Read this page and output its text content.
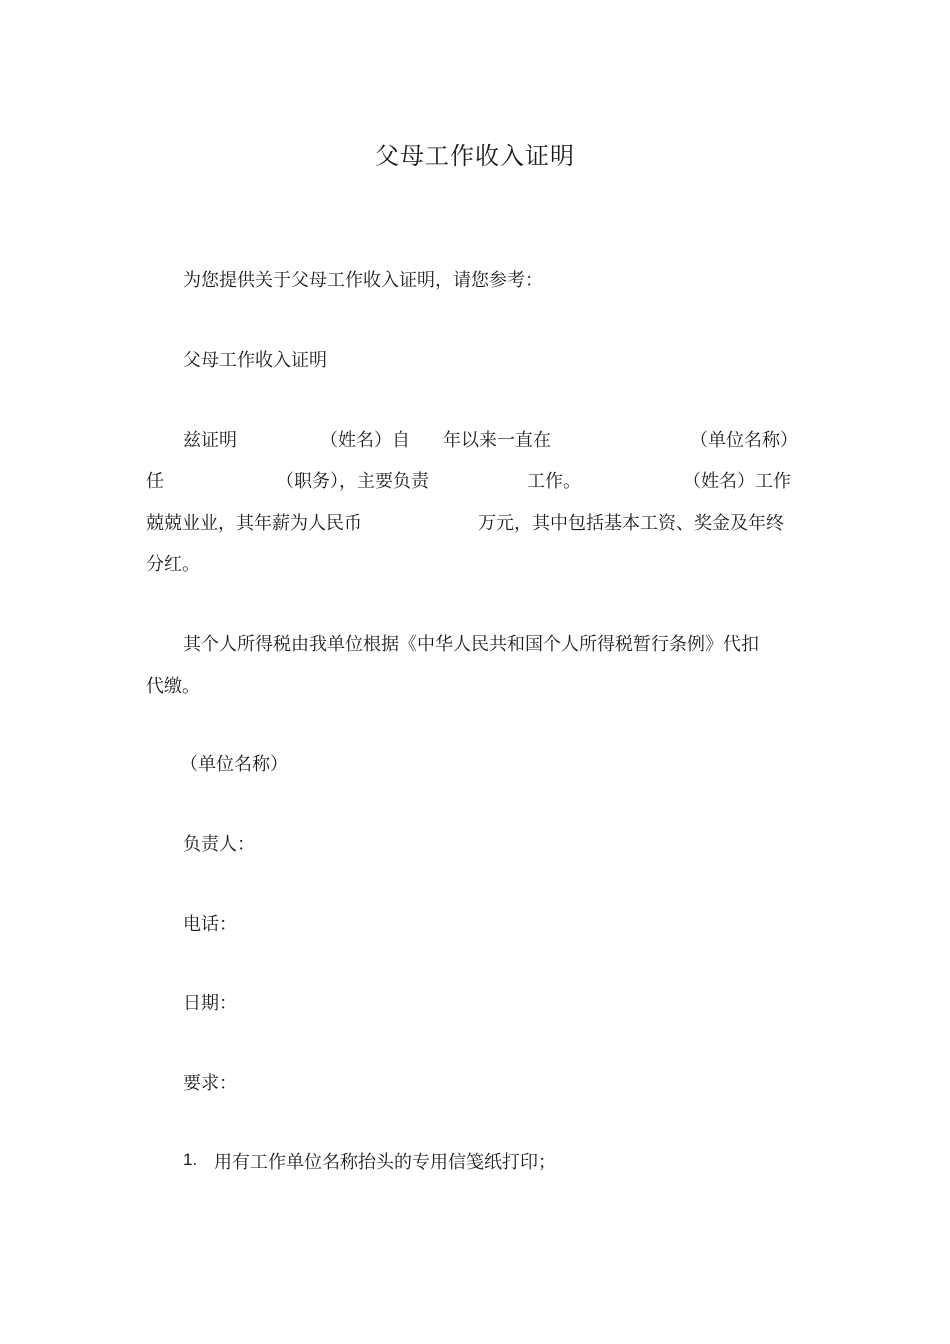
父母工作收入证明
为您提供关于父母工作收入证明，请您参考：
父母工作收入证明
兹证明	（姓名）自 年以来一直在	（单位名称）
任	（职务），主要负责	工作。	（姓名）工作
兢兢业业，其年薪为人民币	万元，其中包括基本工资、奖金及年终
分红。
其个人所得税由我单位根据《中华人民共和国个人所得税暂行条例》代扣
代缴。
（单位名称）
负责人：
电话：
日期：
要求：
1. 用有工作单位名称抬头的专用信笺纸打印；
